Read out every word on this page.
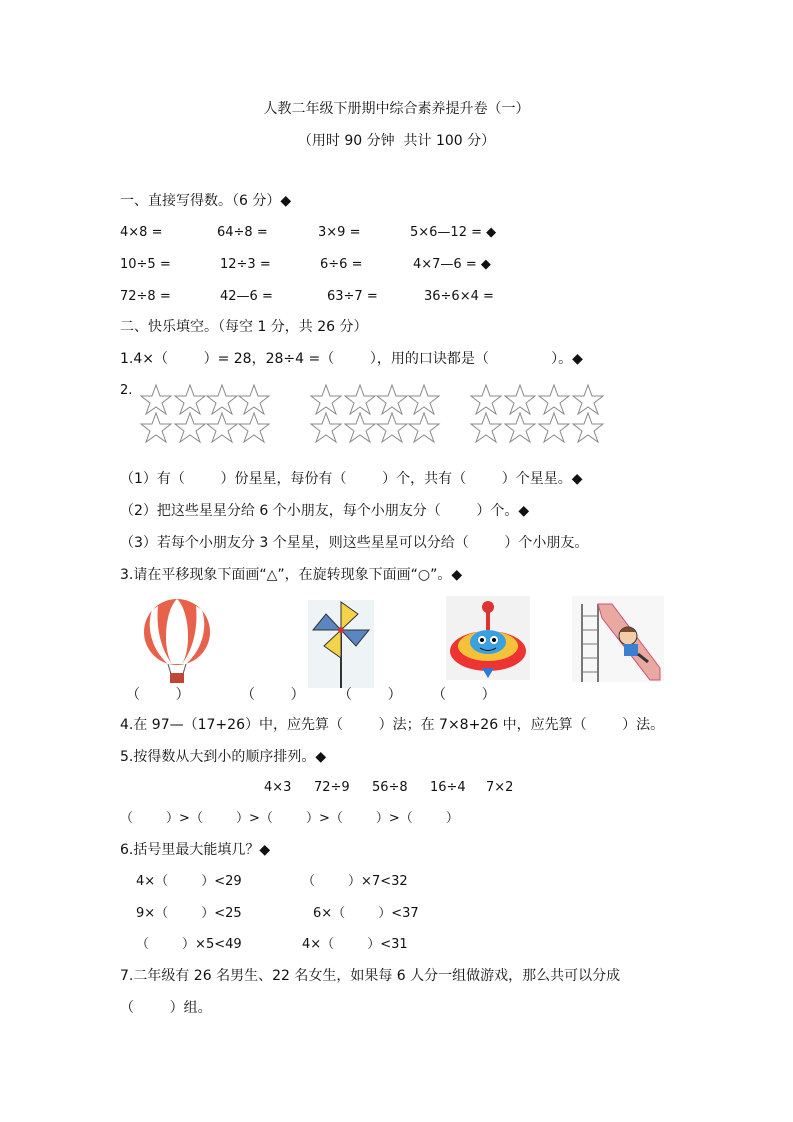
人教二年级下册期中综合素养提升卷（一）
（用时 90 分钟  共计 100 分）
一、直接写得数。（6 分）◆
4×8 =	64÷8 =	3×9 =	5×6—12 = ◆
10÷5 =	12÷3 =	6÷6 =	4×7—6 = ◆
72÷8 =	42—6 =	63÷7 =	36÷6×4 =
二、快乐填空。（每空 1 分，共 26 分）
1.4×（        ）= 28，28÷4 =（        ），用的口诀都是（              ）。◆
2.
（1）有（        ）份星星，每份有（        ）个，共有（        ）个星星。◆
（2）把这些星星分给 6 个小朋友，每个小朋友分（        ）个。◆
（3）若每个小朋友分 3 个星星，则这些星星可以分给（        ）个小朋友。
3.请在平移现象下面画“△”，在旋转现象下面画“○”。◆
（        ）	（        ） （        ） （        ）
4.在 97—（17+26）中，应先算（        ）法；在 7×8+26 中，应先算（        ）法。
5.按得数从大到小的顺序排列。◆
4×3 72÷9 56÷8 16÷4 7×2
（        ）>（        ）>（        ）>（        ）>（        ）
6.括号里最大能填几？◆
4×（        ）<29	（        ）×7<32
9×（        ）<25	6×（        ）<37
（        ）×5<49	4×（        ）<31
7.二年级有 26 名男生、22 名女生，如果每 6 人分一组做游戏，那么共可以分成
（        ）组。
